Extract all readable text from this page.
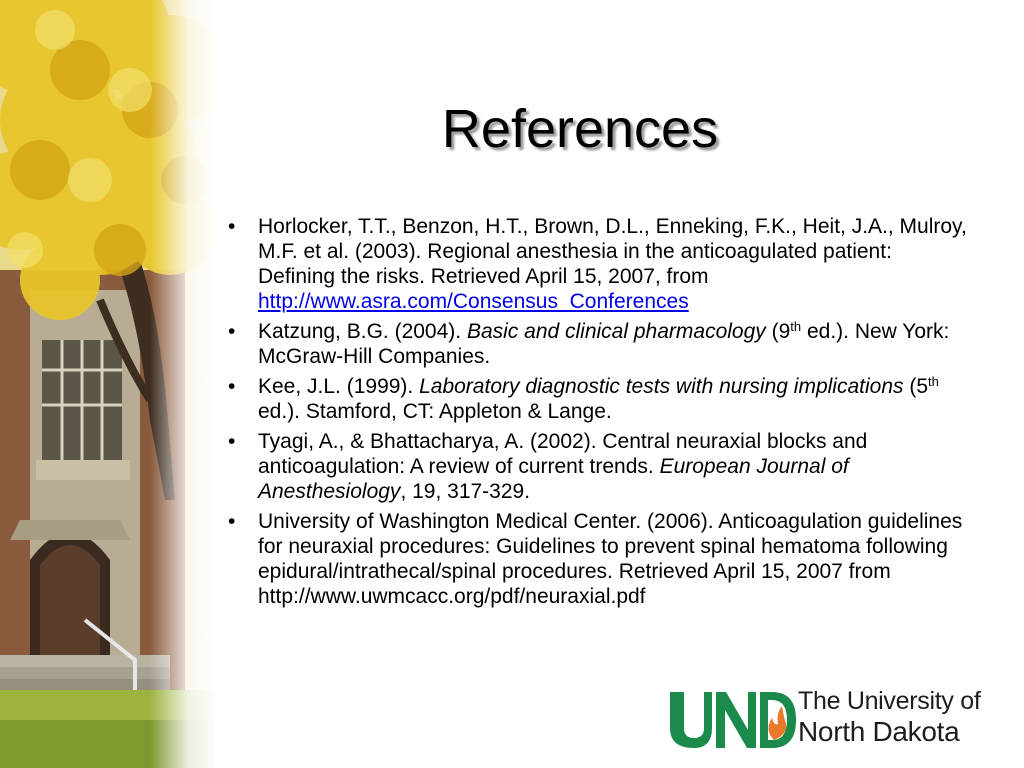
References
• Horlocker, T.T., Benzon, H.T., Brown, D.L., Enneking, F.K., Heit, J.A., Mulroy, M.F. et al. (2003). Regional anesthesia in the anticoagulated patient: Defining the risks. Retrieved April 15, 2007, from http://www.asra.com/Consensus_Conferences
• Katzung, B.G. (2004). Basic and clinical pharmacology (9th ed.). New York: McGraw-Hill Companies.
• Kee, J.L. (1999). Laboratory diagnostic tests with nursing implications (5th ed.). Stamford, CT: Appleton & Lange.
• Tyagi, A., & Bhattacharya, A. (2002). Central neuraxial blocks and anticoagulation: A review of current trends. European Journal of Anesthesiology, 19, 317-329.
• University of Washington Medical Center. (2006). Anticoagulation guidelines for neuraxial procedures: Guidelines to prevent spinal hematoma following epidural/intrathecal/spinal procedures. Retrieved April 15, 2007 from http://www.uwmcacc.org/pdf/neuraxial.pdf
The University of
North Dakota
